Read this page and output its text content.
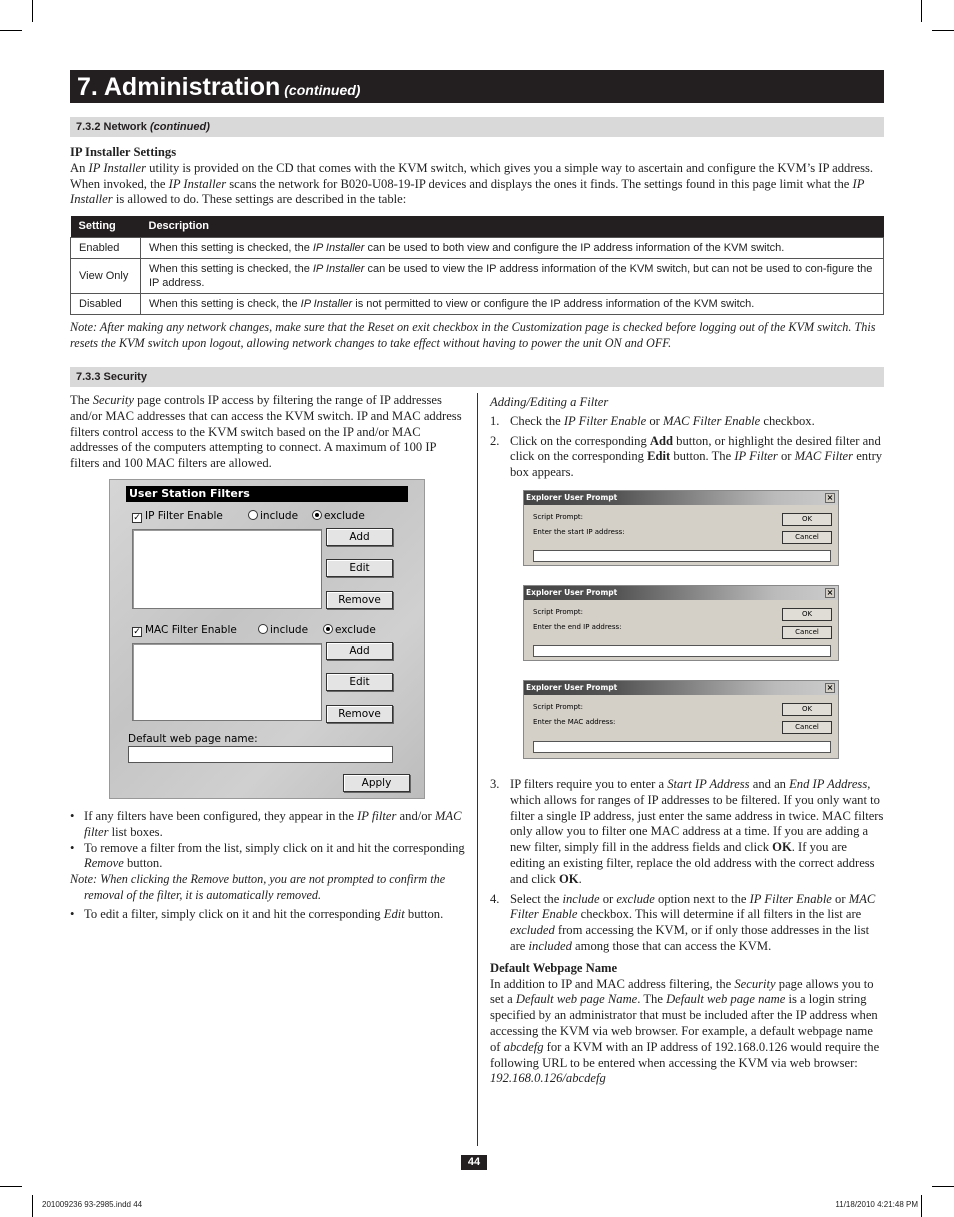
7. Administration (continued)
7.3.2 Network (continued)
IP Installer Settings
An IP Installer utility is provided on the CD that comes with the KVM switch, which gives you a simple way to ascertain and configure the KVM’s IP address. When invoked, the IP Installer scans the network for B020-U08-19-IP devices and displays the ones it finds. The settings found in this page limit what the IP Installer is allowed to do. These settings are described in the table:
Setting	Description
Enabled	When this setting is checked, the IP Installer can be used to both view and configure the IP address information of the KVM switch.
View Only	When this setting is checked, the IP Installer can be used to view the IP address information of the KVM switch, but can not be used to con-figure the IP address.
Disabled	When this setting is check, the IP Installer is not permitted to view or configure the IP address information of the KVM switch.
Note: After making any network changes, make sure that the Reset on exit checkbox in the Customization page is checked before logging out of the KVM switch. This resets the KVM switch upon logout, allowing network changes to take effect without having to power the unit ON and OFF.
7.3.3 Security
The Security page controls IP access by filtering the range of IP addresses and/or MAC addresses that can access the KVM switch. IP and MAC address filters control access to the KVM switch based on the IP and/or MAC addresses of the computers attempting to connect. A maximum of 100 IP filters and 100 MAC filters are allowed.
User Station Filters
✓ IP Filter Enable	include	exclude
Add
Edit
Remove
✓ MAC Filter Enable	include	exclude
Add
Edit
Remove
Default web page name:
Apply
• If any filters have been configured, they appear in the IP filter and/or MAC filter list boxes.
• To remove a filter from the list, simply click on it and hit the corresponding Remove button.
Note: When clicking the Remove button, you are not prompted to confirm the removal of the filter, it is automatically removed.
• To edit a filter, simply click on it and hit the corresponding Edit button.
Adding/Editing a Filter
1. Check the IP Filter Enable or MAC Filter Enable checkbox.
2. Click on the corresponding Add button, or highlight the desired filter and click on the corresponding Edit button. The IP Filter or MAC Filter entry box appears.
Explorer User Prompt	×
Script Prompt:
Enter the start IP address:
OK
Cancel
Explorer User Prompt	×
Script Prompt:
Enter the end IP address:
OK
Cancel
Explorer User Prompt	×
Script Prompt:
Enter the MAC address:
OK
Cancel
3. IP filters require you to enter a Start IP Address and an End IP Address, which allows for ranges of IP addresses to be filtered. If you only want to filter a single IP address, just enter the same address in twice. MAC filters only allow you to filter one MAC address at a time. If you are adding a new filter, simply fill in the address fields and click OK. If you are editing an existing filter, replace the old address with the correct address and click OK.
4. Select the include or exclude option next to the IP Filter Enable or MAC Filter Enable checkbox. This will determine if all filters in the list are excluded from accessing the KVM, or if only those addresses in the list are included among those that can access the KVM.
Default Webpage Name
In addition to IP and MAC address filtering, the Security page allows you to set a Default web page Name. The Default web page name is a login string specified by an administrator that must be included after the IP address when accessing the KVM via web browser. For example, a default webpage name of abcdefg for a KVM with an IP address of 192.168.0.126 would require the following URL to be entered when accessing the KVM via web browser: 192.168.0.126/abcdefg
44
201009236 93-2985.indd 44	11/18/2010 4:21:48 PM
